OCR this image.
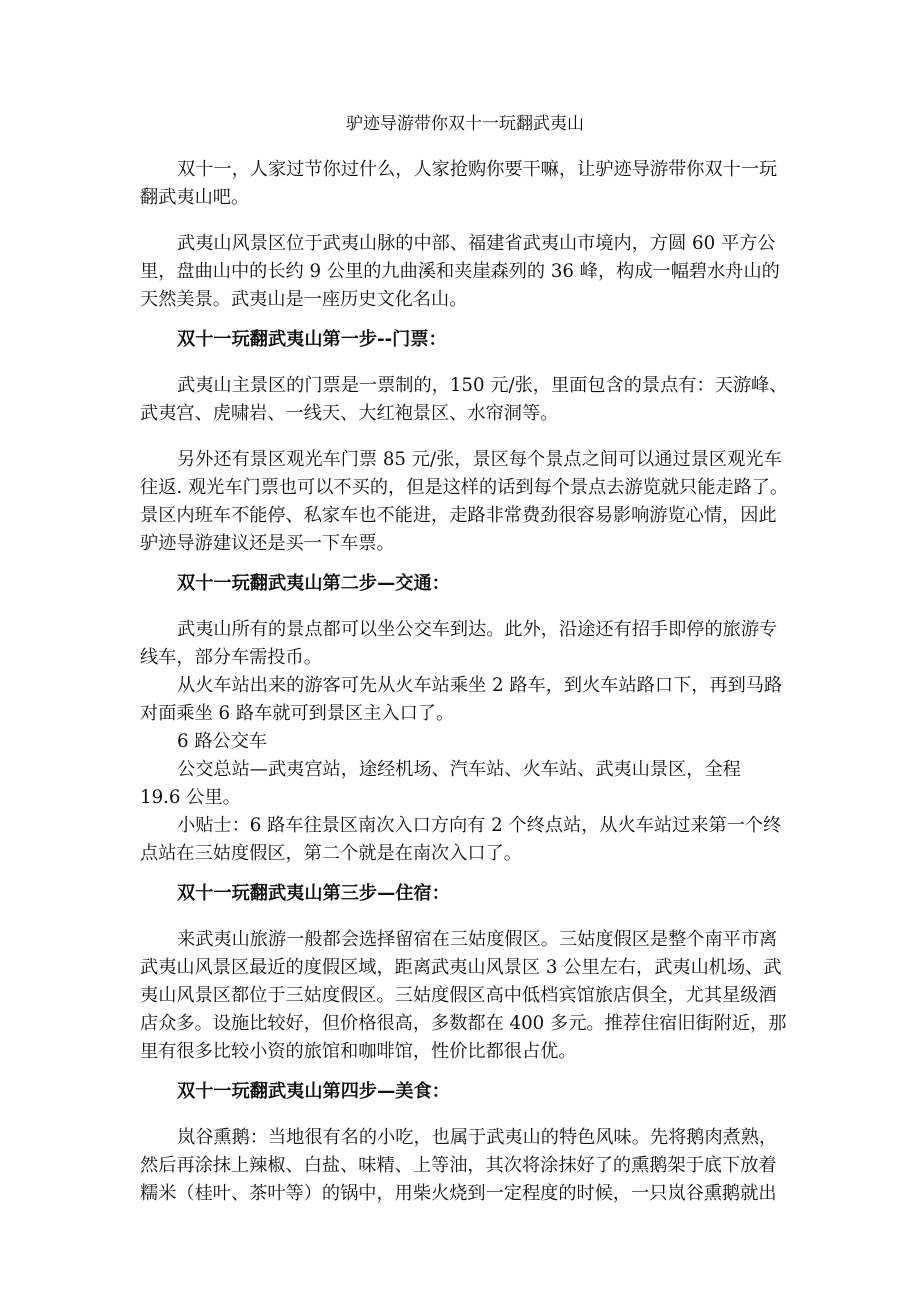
驴迹导游带你双十一玩翻武夷山
双十一，人家过节你过什么，人家抢购你要干嘛，让驴迹导游带你双十一玩
翻武夷山吧。
武夷山风景区位于武夷山脉的中部、福建省武夷山市境内，方圆 60 平方公
里，盘曲山中的长约 9 公里的九曲溪和夹崖森列的 36 峰，构成一幅碧水舟山的
天然美景。武夷山是一座历史文化名山。
双十一玩翻武夷山第一步--门票：
武夷山主景区的门票是一票制的，150 元/张，里面包含的景点有：天游峰、
武夷宫、虎啸岩、一线天、大红袍景区、水帘洞等。
另外还有景区观光车门票 85 元/张，景区每个景点之间可以通过景区观光车
往返. 观光车门票也可以不买的，但是这样的话到每个景点去游览就只能走路了。
景区内班车不能停、私家车也不能进，走路非常费劲很容易影响游览心情，因此
驴迹导游建议还是买一下车票。
双十一玩翻武夷山第二步—交通：
武夷山所有的景点都可以坐公交车到达。此外，沿途还有招手即停的旅游专
线车，部分车需投币。
从火车站出来的游客可先从火车站乘坐 2 路车，到火车站路口下，再到马路
对面乘坐 6 路车就可到景区主入口了。
6 路公交车
公交总站—武夷宫站，途经机场、汽车站、火车站、武夷山景区，全程
19.6 公里。
小贴士：6 路车往景区南次入口方向有 2 个终点站，从火车站过来第一个终
点站在三姑度假区，第二个就是在南次入口了。
双十一玩翻武夷山第三步—住宿：
来武夷山旅游一般都会选择留宿在三姑度假区。三姑度假区是整个南平市离
武夷山风景区最近的度假区域，距离武夷山风景区 3 公里左右，武夷山机场、武
夷山风景区都位于三姑度假区。三姑度假区高中低档宾馆旅店俱全，尤其星级酒
店众多。设施比较好，但价格很高，多数都在 400 多元。推荐住宿旧街附近，那
里有很多比较小资的旅馆和咖啡馆，性价比都很占优。
双十一玩翻武夷山第四步—美食：
岚谷熏鹅：当地很有名的小吃，也属于武夷山的特色风味。先将鹅肉煮熟，
然后再涂抹上辣椒、白盐、味精、上等油，其次将涂抹好了的熏鹅架于底下放着
糯米（桂叶、茶叶等）的锅中，用柴火烧到一定程度的时候，一只岚谷熏鹅就出
